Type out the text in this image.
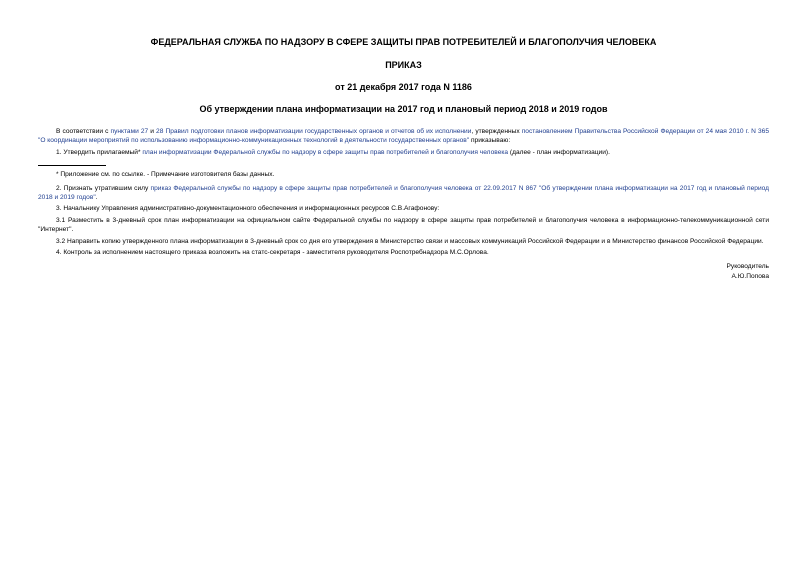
ФЕДЕРАЛЬНАЯ СЛУЖБА ПО НАДЗОРУ В СФЕРЕ ЗАЩИТЫ ПРАВ ПОТРЕБИТЕЛЕЙ И БЛАГОПОЛУЧИЯ ЧЕЛОВЕКА
ПРИКАЗ
от 21 декабря 2017 года N 1186
Об утверждении плана информатизации на 2017 год и плановый период 2018 и 2019 годов

В соответствии с пунктами 27 и 28 Правил подготовки планов информатизации государственных органов и отчетов об их исполнении, утвержденных постановлением Правительства Российской Федерации от 24 мая 2010 г. N 365 "О координации мероприятий по использованию информационно-коммуникационных технологий в деятельности государственных органов" приказываю:

1. Утвердить прилагаемый* план информатизации Федеральной службы по надзору в сфере защиты прав потребителей и благополучия человека (далее - план информатизации).

* Приложение см. по ссылке. - Примечание изготовителя базы данных.

2. Признать утратившим силу приказ Федеральной службы по надзору в сфере защиты прав потребителей и благополучия человека от 22.09.2017 N 867 "Об утверждении плана информатизации на 2017 год и плановый период 2018 и 2019 годов".

3. Начальнику Управления административно-документационного обеспечения и информационных ресурсов С.В.Агафонову:

3.1 Разместить в 3-дневный срок план информатизации на официальном сайте Федеральной службы по надзору в сфере защиты прав потребителей и благополучия человека в информационно-телекоммуникационной сети "Интернет".

3.2 Направить копию утвержденного плана информатизации в 3-дневный срок со дня его утверждения в Министерство связи и массовых коммуникаций Российской Федерации и в Министерство финансов Российской Федерации.

4. Контроль за исполнением настоящего приказа возложить на статс-секретаря - заместителя руководителя Роспотребнадзора М.С.Орлова.

Руководитель
А.Ю.Попова
